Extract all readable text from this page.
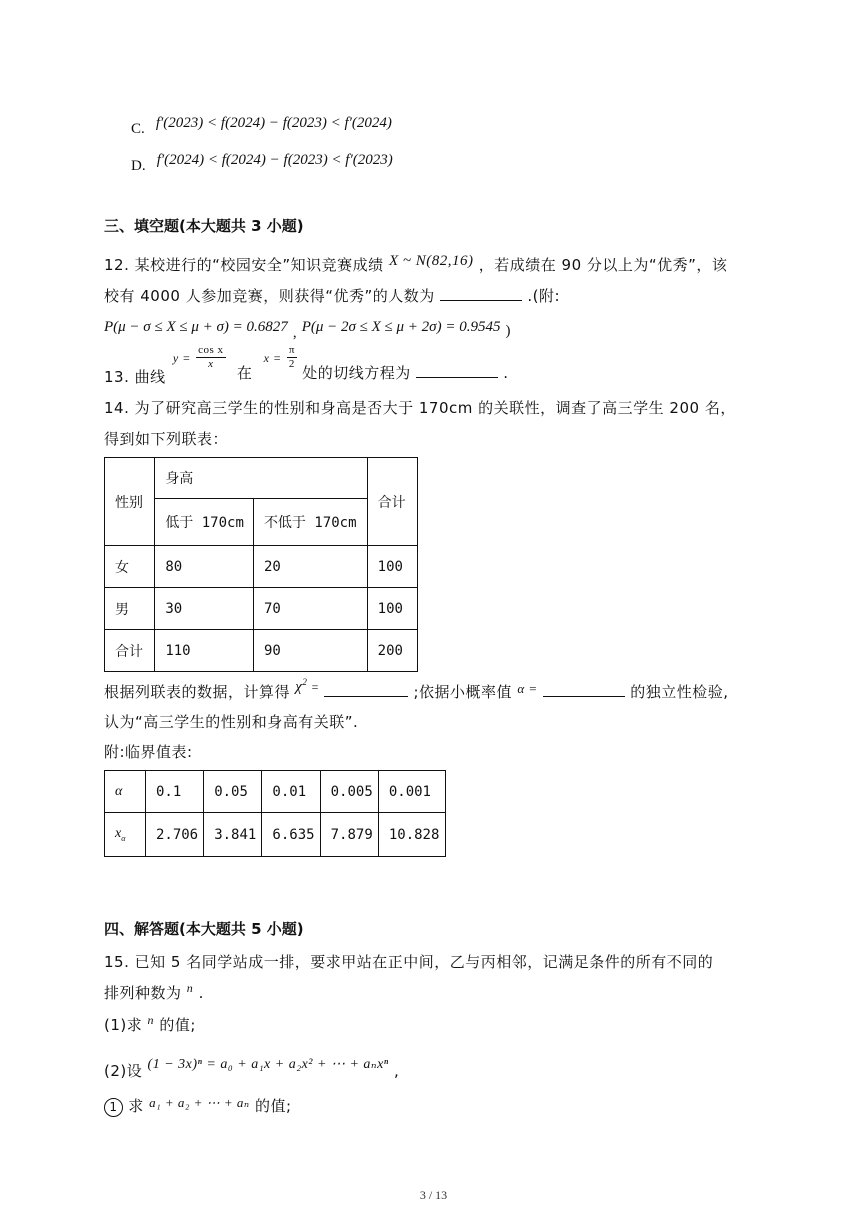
C. f′(2023) < f(2024) − f(2023) < f′(2024)
D. f′(2024) < f(2024) − f(2023) < f′(2023)
三、填空题(本大题共 3 小题)
12. 某校进行的“校园安全”知识竞赛成绩 X ~ N(82,16) ，若成绩在 90 分以上为“优秀”，该
校有 4000 人参加竞赛，则获得“优秀”的人数为	.(附:
P(μ − σ ≤ X ≤ μ + σ) = 0.6827 , P(μ − 2σ ≤ X ≤ μ + 2σ) = 0.9545 )
13. 曲线 $y = \frac{\text{cos x}}{x}$
在 $x = \frac{\pi}{2}$
处的切线方程为	.
14. 为了研究高三学生的性别和身高是否大于 170cm 的关联性，调查了高三学生 200 名，
得到如下列联表：
性别	身高		合计
	低于 170cm	不低于 170cm	
女	80	20	100
男	30	70	100
合计	110	90	200
根据列联表的数据，计算得 $\chi^2$ =	;依据小概率值 α =	的独立性检验,
认为“高三学生的性别和身高有关联”.
附:临界值表:
α	0.1	0.05	0.01	0.005	0.001
$x_\alpha$	2.706	3.841	6.635	7.879	10.828
四、解答题(本大题共 5 小题)
15. 已知 5 名同学站成一排，要求甲站在正中间，乙与丙相邻，记满足条件的所有不同的
排列种数为 $^n$ .
(1)求 $^n$ 的值;
(2)设 (1 − 3x)ⁿ = a₀ + a₁x + a₂x² + ⋯ + aₙxⁿ ,
1 求 a₁ + a₂ + ⋯ + aₙ 的值;
3 / 13
